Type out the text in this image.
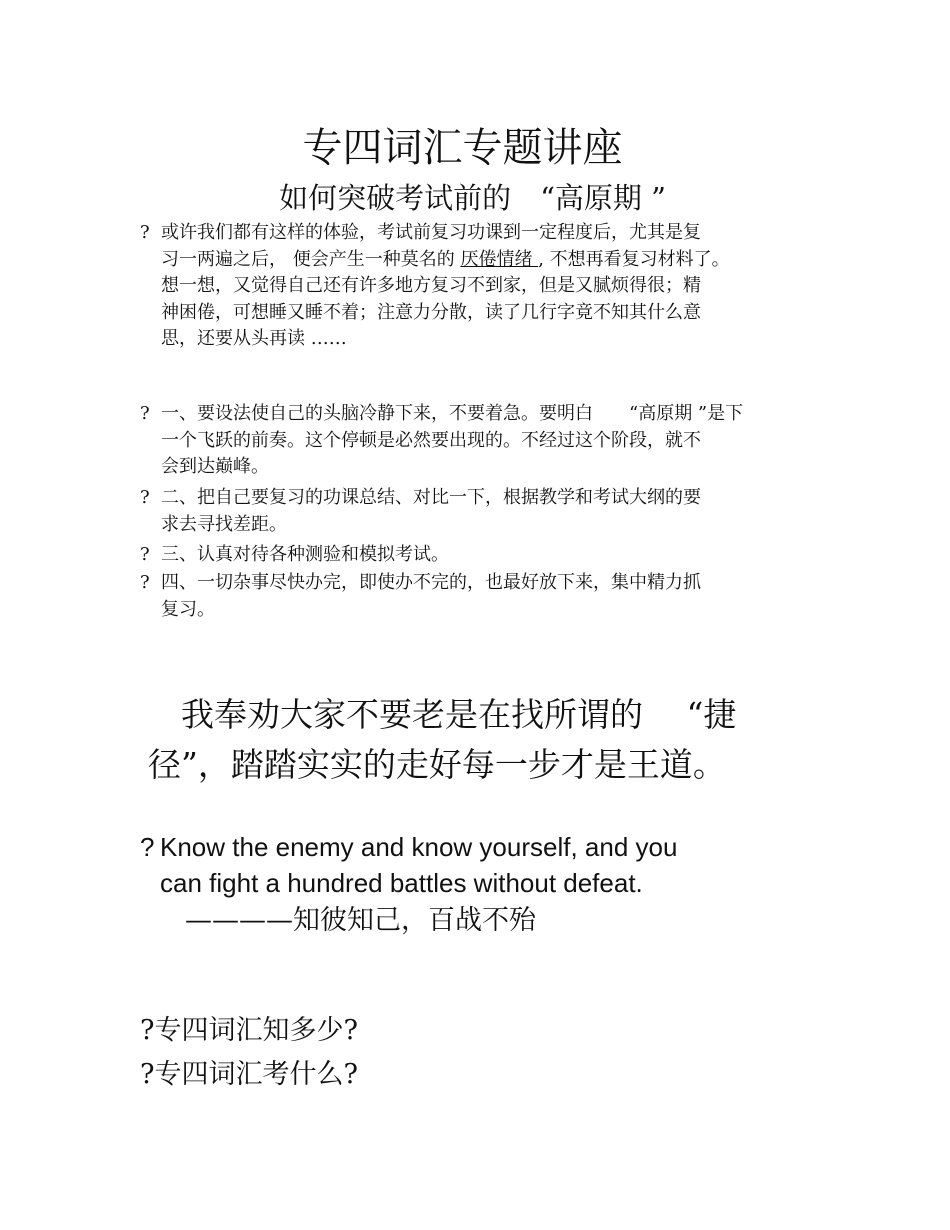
专四词汇专题讲座
如何突破考试前的　“高原期 ”
? 或许我们都有这样的体验，考试前复习功课到一定程度后，尤其是复
习一两遍之后， 便会产生一种莫名的 厌倦情绪 , 不想再看复习材料了。
想一想，又觉得自己还有许多地方复习不到家，但是又腻烦得很；精
神困倦，可想睡又睡不着；注意力分散，读了几行字竟不知其什么意
思，还要从头再读 ……
? 一、要设法使自己的头脑冷静下来，不要着急。要明白　　“高原期 ”是下
一个飞跃的前奏。这个停顿是必然要出现的。不经过这个阶段，就不
会到达巅峰。
? 二、把自己要复习的功课总结、对比一下，根据教学和考试大纲的要
求去寻找差距。
? 三、认真对待各种测验和模拟考试。
? 四、一切杂事尽快办完，即使办不完的，也最好放下来，集中精力抓
复习。
　我奉劝大家不要老是在找所谓的　 “捷
径”，踏踏实实的走好每一步才是王道。
? Know the enemy and know yourself, and you
can fight a hundred battles without defeat.
————知彼知己，百战不殆
?专四词汇知多少?
?专四词汇考什么?
